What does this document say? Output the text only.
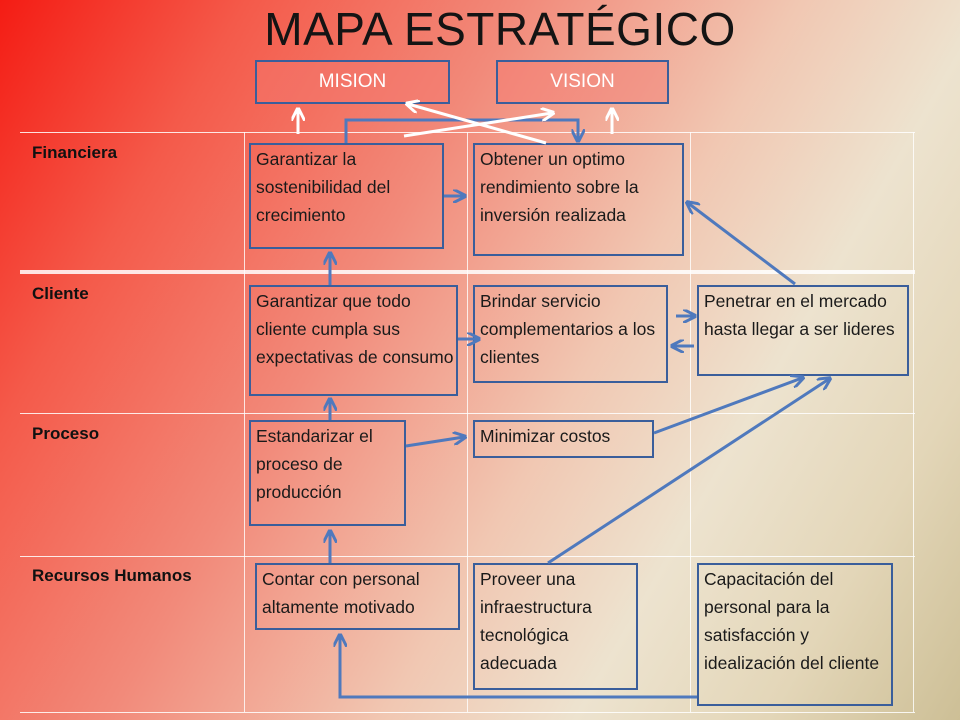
MAPA ESTRATÉGICO
MISION	VISION
Financiera
Cliente
Proceso
Recursos Humanos
Garantizar la sostenibilidad del crecimiento
Obtener un optimo rendimiento sobre la inversión realizada
Garantizar que todo cliente cumpla sus expectativas de consumo
Brindar servicio complementarios a los clientes
Penetrar en el mercado hasta llegar a ser lideres
Estandarizar el proceso de producción
Minimizar costos
Contar con personal altamente motivado
Proveer una infraestructura tecnológica adecuada
Capacitación del personal para la satisfacción y idealización del cliente
